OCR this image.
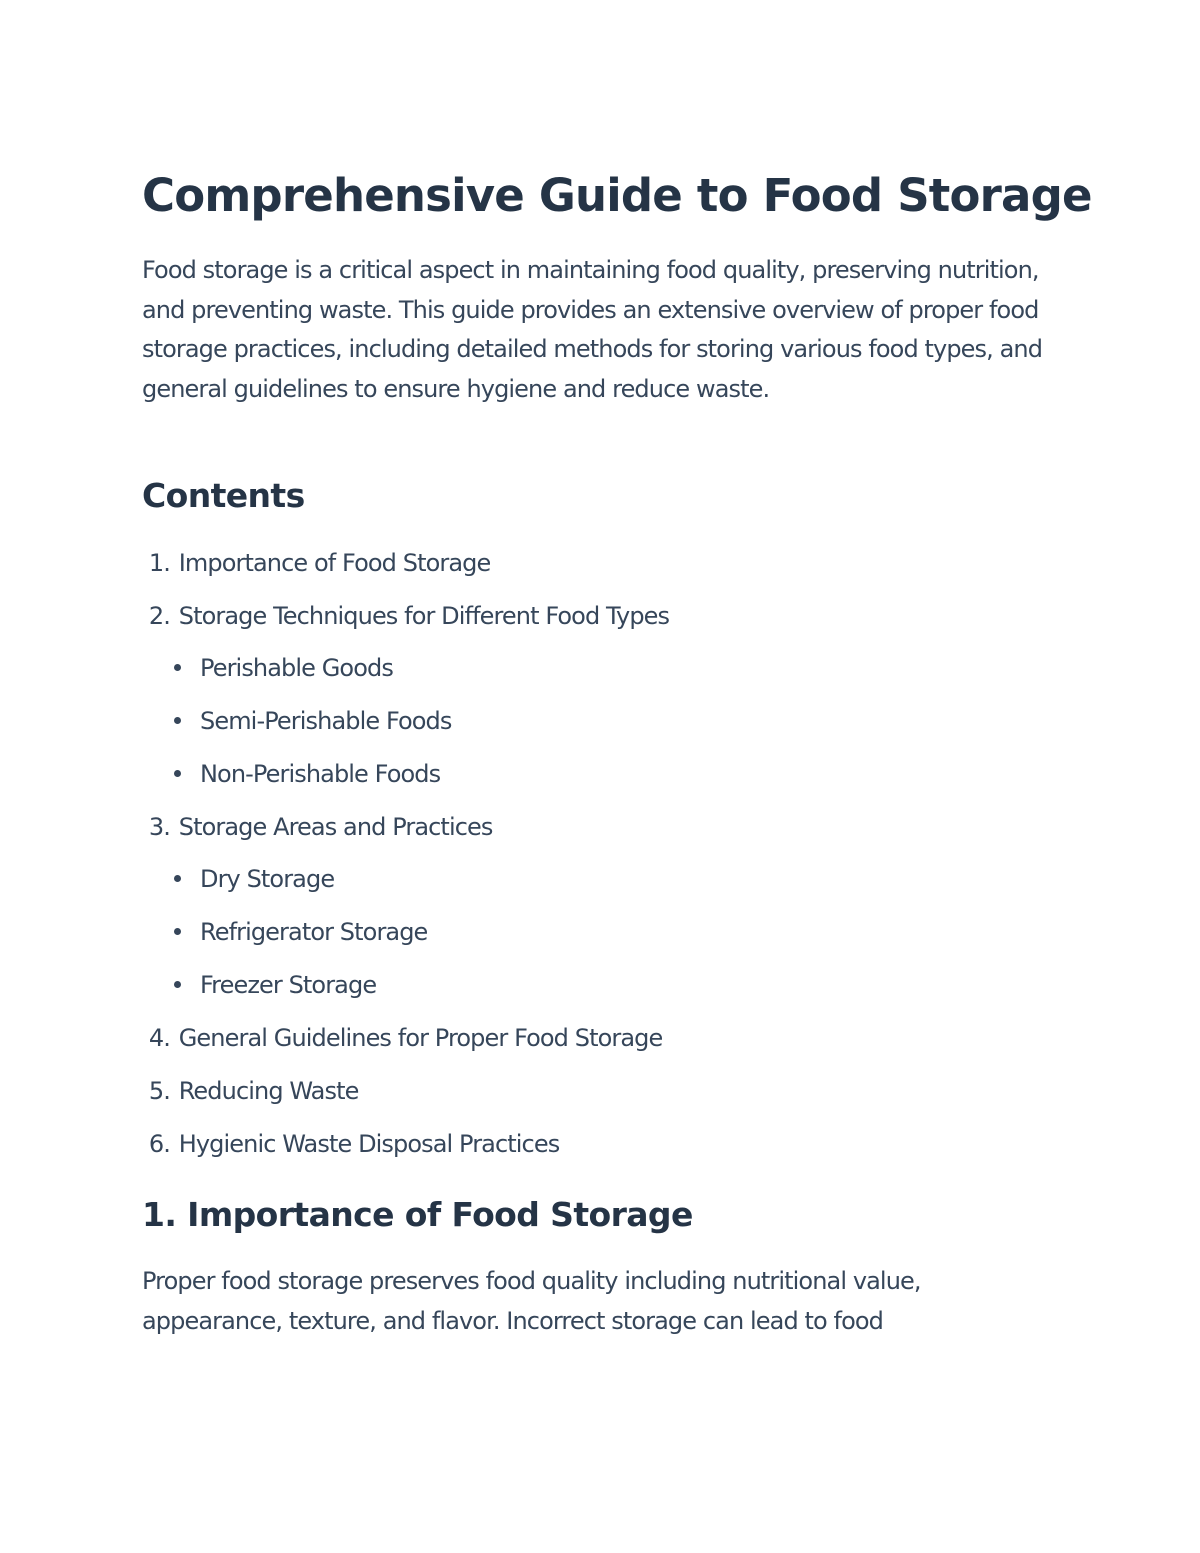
Comprehensive Guide to Food Storage

Food storage is a critical aspect in maintaining food quality, preserving nutrition, and preventing waste. This guide provides an extensive overview of proper food storage practices, including detailed methods for storing various food types, and general guidelines to ensure hygiene and reduce waste.

Contents
1. Importance of Food Storage
2. Storage Techniques for Different Food Types
Perishable Goods
Semi-Perishable Foods
Non-Perishable Foods
3. Storage Areas and Practices
Dry Storage
Refrigerator Storage
Freezer Storage
4. General Guidelines for Proper Food Storage
5. Reducing Waste
6. Hygienic Waste Disposal Practices
1. Importance of Food Storage

Proper food storage preserves food quality including nutritional value, appearance, texture, and flavor. Incorrect storage can lead to food
